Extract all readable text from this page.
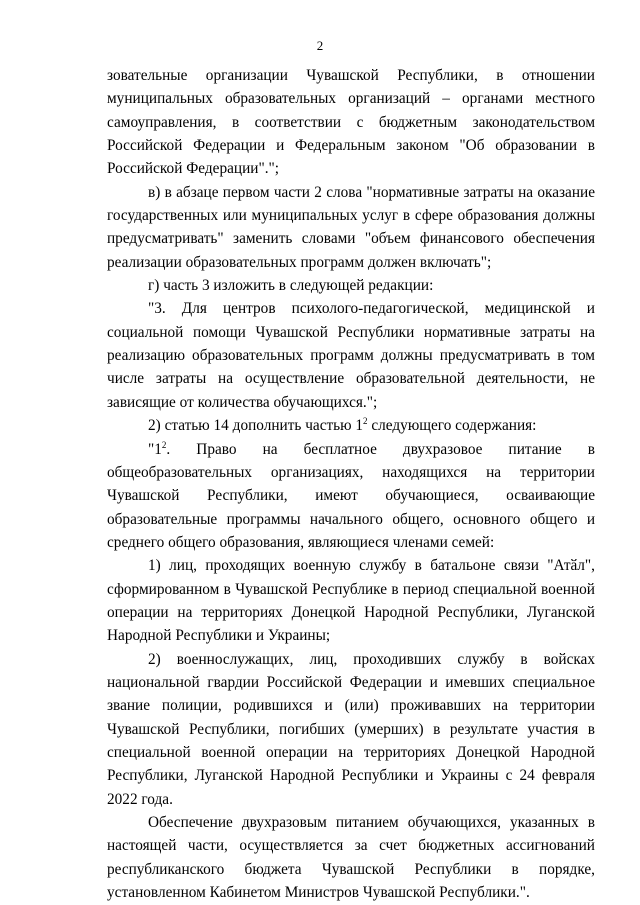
2

зовательные организации Чувашской Республики, в отношении муниципальных образовательных организаций – органами местного самоуправления, в соответствии с бюджетным законодательством Российской Федерации и Федеральным законом "Об образовании в Российской Федерации".";

в) в абзаце первом части 2 слова "нормативные затраты на оказание государственных или муниципальных услуг в сфере образования должны предусматривать" заменить словами "объем финансового обеспечения реализации образовательных программ должен включать";

г) часть 3 изложить в следующей редакции:

"3. Для центров психолого-педагогической, медицинской и социальной помощи Чувашской Республики нормативные затраты на реализацию образовательных программ должны предусматривать в том числе затраты на осуществление образовательной деятельности, не зависящие от количества обучающихся.";

2) статью 14 дополнить частью $1^2$ следующего содержания:

"$1^2$. Право на бесплатное двухразовое питание в общеобразовательных организациях, находящихся на территории Чувашской Республики, имеют обучающиеся, осваивающие образовательные программы начального общего, основного общего и среднего общего образования, являющиеся членами семей:

1) лиц, проходящих военную службу в батальоне связи "Атӑл", сформированном в Чувашской Республике в период специальной военной операции на территориях Донецкой Народной Республики, Луганской Народной Республики и Украины;

2) военнослужащих, лиц, проходивших службу в войсках национальной гвардии Российской Федерации и имевших специальное звание полиции, родившихся и (или) проживавших на территории Чувашской Республики, погибших (умерших) в результате участия в специальной военной операции на территориях Донецкой Народной Республики, Луганской Народной Республики и Украины с 24 февраля 2022 года.

Обеспечение двухразовым питанием обучающихся, указанных в настоящей части, осуществляется за счет бюджетных ассигнований республиканского бюджета Чувашской Республики в порядке, установленном Кабинетом Министров Чувашской Республики.".
